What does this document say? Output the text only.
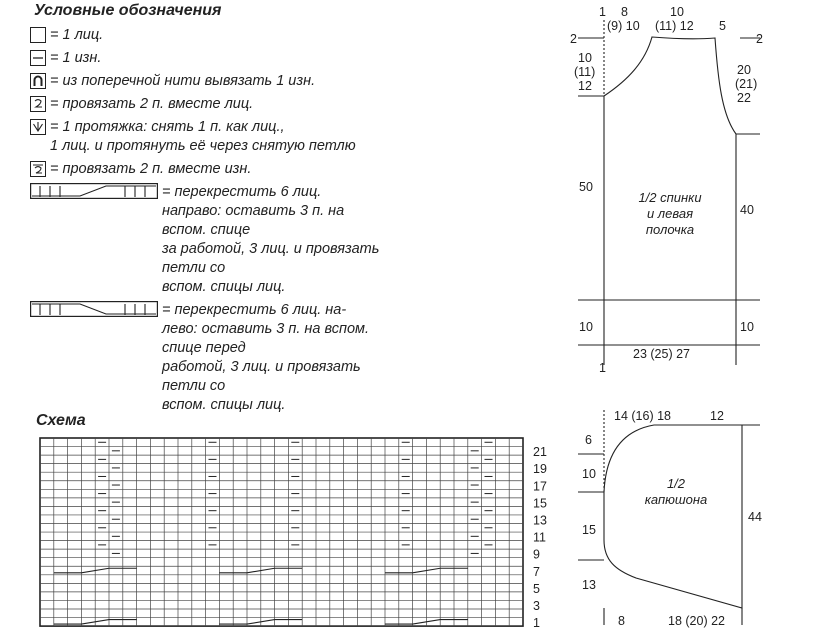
Условные обозначения
= 1 лиц.
= 1 изн.
= из поперечной нити вывязать 1 изн.
= провязать 2 п. вместе лиц.
= 1 протяжка: снять 1 п. как лиц.,
1 лиц. и протянуть её через снятую петлю
= провязать 2 п. вместе изн.
= перекрестить 6 лиц.
направо: оставить 3 п. на вспом. спице
за работой, 3 лиц. и провязать петли со
вспом. спицы лиц.
= перекрестить 6 лиц. на-
лево: оставить 3 п. на вспом. спице перед
работой, 3 лиц. и провязать петли со
вспом. спицы лиц.
Схема
1
3
5
7
9
11
13
15
17
19
21
1 8
(9) 10
10
(11) 12 5
2	2
10
(11)
12
20
(21)
22
50
40
10	10
23 (25) 27
1
1/2 спинки
и левая
полочка
14 (16) 18	12
6
10
15
13
44
8	18 (20) 22
1/2
капюшона
